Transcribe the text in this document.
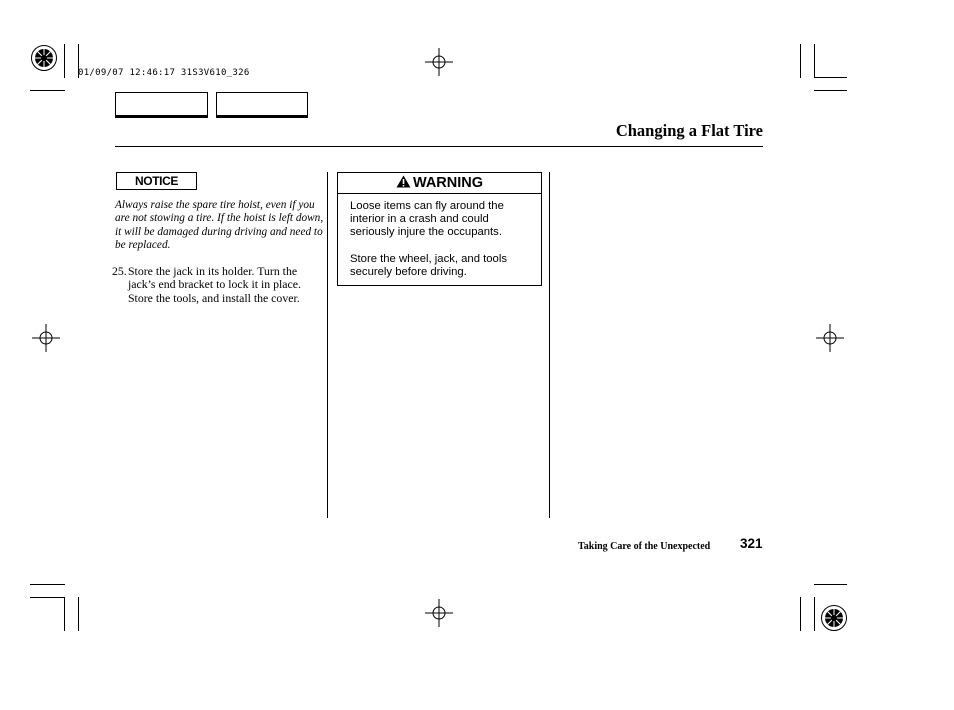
01/09/07 12:46:17 31S3V610_326
Changing a Flat Tire
NOTICE
Always raise the spare tire hoist, even if you are not stowing a tire. If the hoist is left down, it will be damaged during driving and need to be replaced.
25. Store the jack in its holder. Turn the jack’s end bracket to lock it in place. Store the tools, and install the cover.
WARNING

Loose items can fly around the interior in a crash and could seriously injure the occupants.

Store the wheel, jack, and tools securely before driving.

Taking Care of the Unexpected 321
